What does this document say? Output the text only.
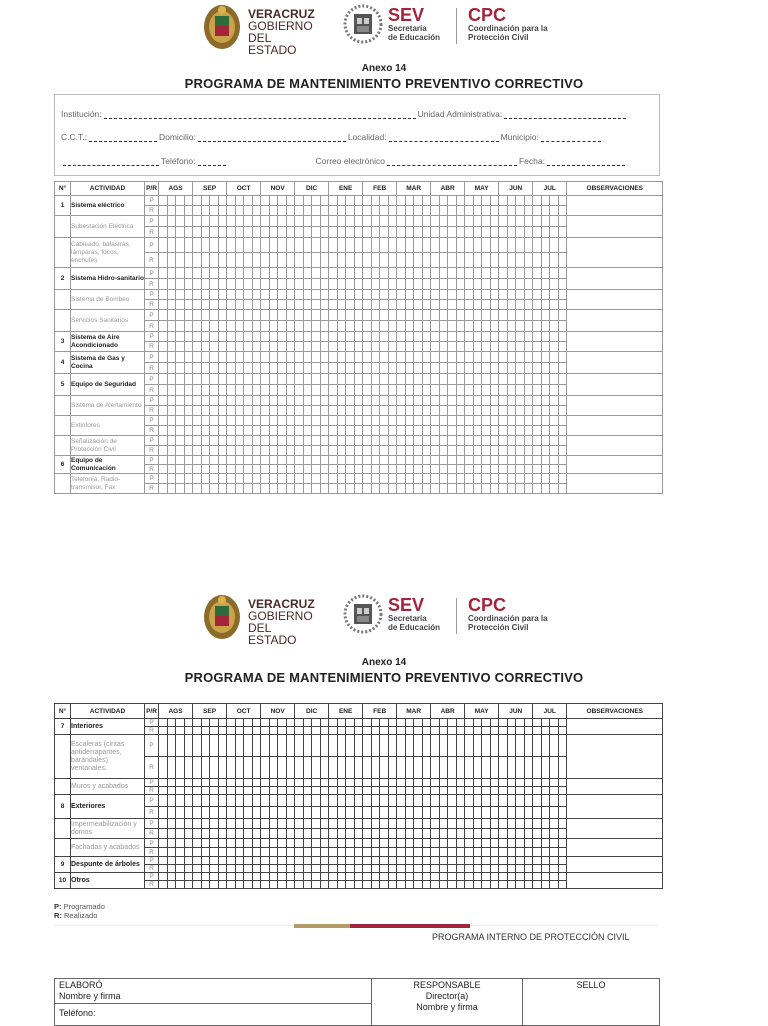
VERACRUZ
GOBIERNO
DEL ESTADO
SEV
Secretaría
de Educación
CPC
Coordinación para la
Protección Civil
Anexo 14
PROGRAMA DE MANTENIMIENTO PREVENTIVO CORRECTIVO
Institución:	Unidad Administrativa:
C.C.T.:	Domicilio:	Localidad:	Municipio:
Teléfono:	Correo electrónico	Fecha:
N°	ACTIVIDAD	P/R	AGS				SEP				OCT				NOV				DIC				ENE				FEB				MAR				ABR				MAY				JUN				JUL				OBSERVACIONES
1	Sistema eléctrico	P																																																	
		R																																																	
	Subestación Eléctrica	P																																																	
		R																																																	
	Cableado, balastras, lámparas, focos, enchufes	P																																																	
		R																																																	
2	Sistema Hidro-sanitario	P																																																	
		R																																																	
	Sistema de Bombeo	P																																																	
		R																																																	
	Servicios Sanitarios	P																																																	
		R																																																	
3	Sistema de Aire Acondicionado	P																																																	
		R																																																	
4	Sistema de Gas y Cocina	P																																																	
		R																																																	
5	Equipo de Seguridad	P																																																	
		R																																																	
	Sistema de Alertamiento	P																																																	
		R																																																	
	Extintores	P																																																	
		R																																																	
	Señalización de Protección Civil	P																																																	
		R																																																	
6	Equipo de Comunicación	P																																																	
		R																																																	
	Telefonía, Radio-transmisor, Fax	P																																																	
		R																																																	
VERACRUZ
GOBIERNO
DEL ESTADO
SEV
Secretaría
de Educación
CPC
Coordinación para la
Protección Civil
Anexo 14
PROGRAMA DE MANTENIMIENTO PREVENTIVO CORRECTIVO
N°	ACTIVIDAD	P/R	AGS				SEP				OCT				NOV				DIC				ENE				FEB				MAR				ABR				MAY				JUN				JUL				OBSERVACIONES
7	Interiores	P																																																	
		R																																																	
	Escaleras (cintas antiderrapantes, barandales) ventanales.	P																																																	
		R																																																	
	Muros y acabados	P																																																	
		R																																																	
8	Exteriores	P																																																	
		R																																																	
	Impermeabilización y domos	P																																																	
		R																																																	
	Fachadas y acabados	P																																																	
		R																																																	
9	Despunte de árboles	P																																																	
		R																																																	
10	Otros	P																																																	
		R																																																	
P: Programado
R: Realizado
PROGRAMA INTERNO DE PROTECCIÓN CIVIL
ELABORÓ
Nombre y firma
Teléfono:
RESPONSABLE
Director(a)
Nombre y firma
SELLO
